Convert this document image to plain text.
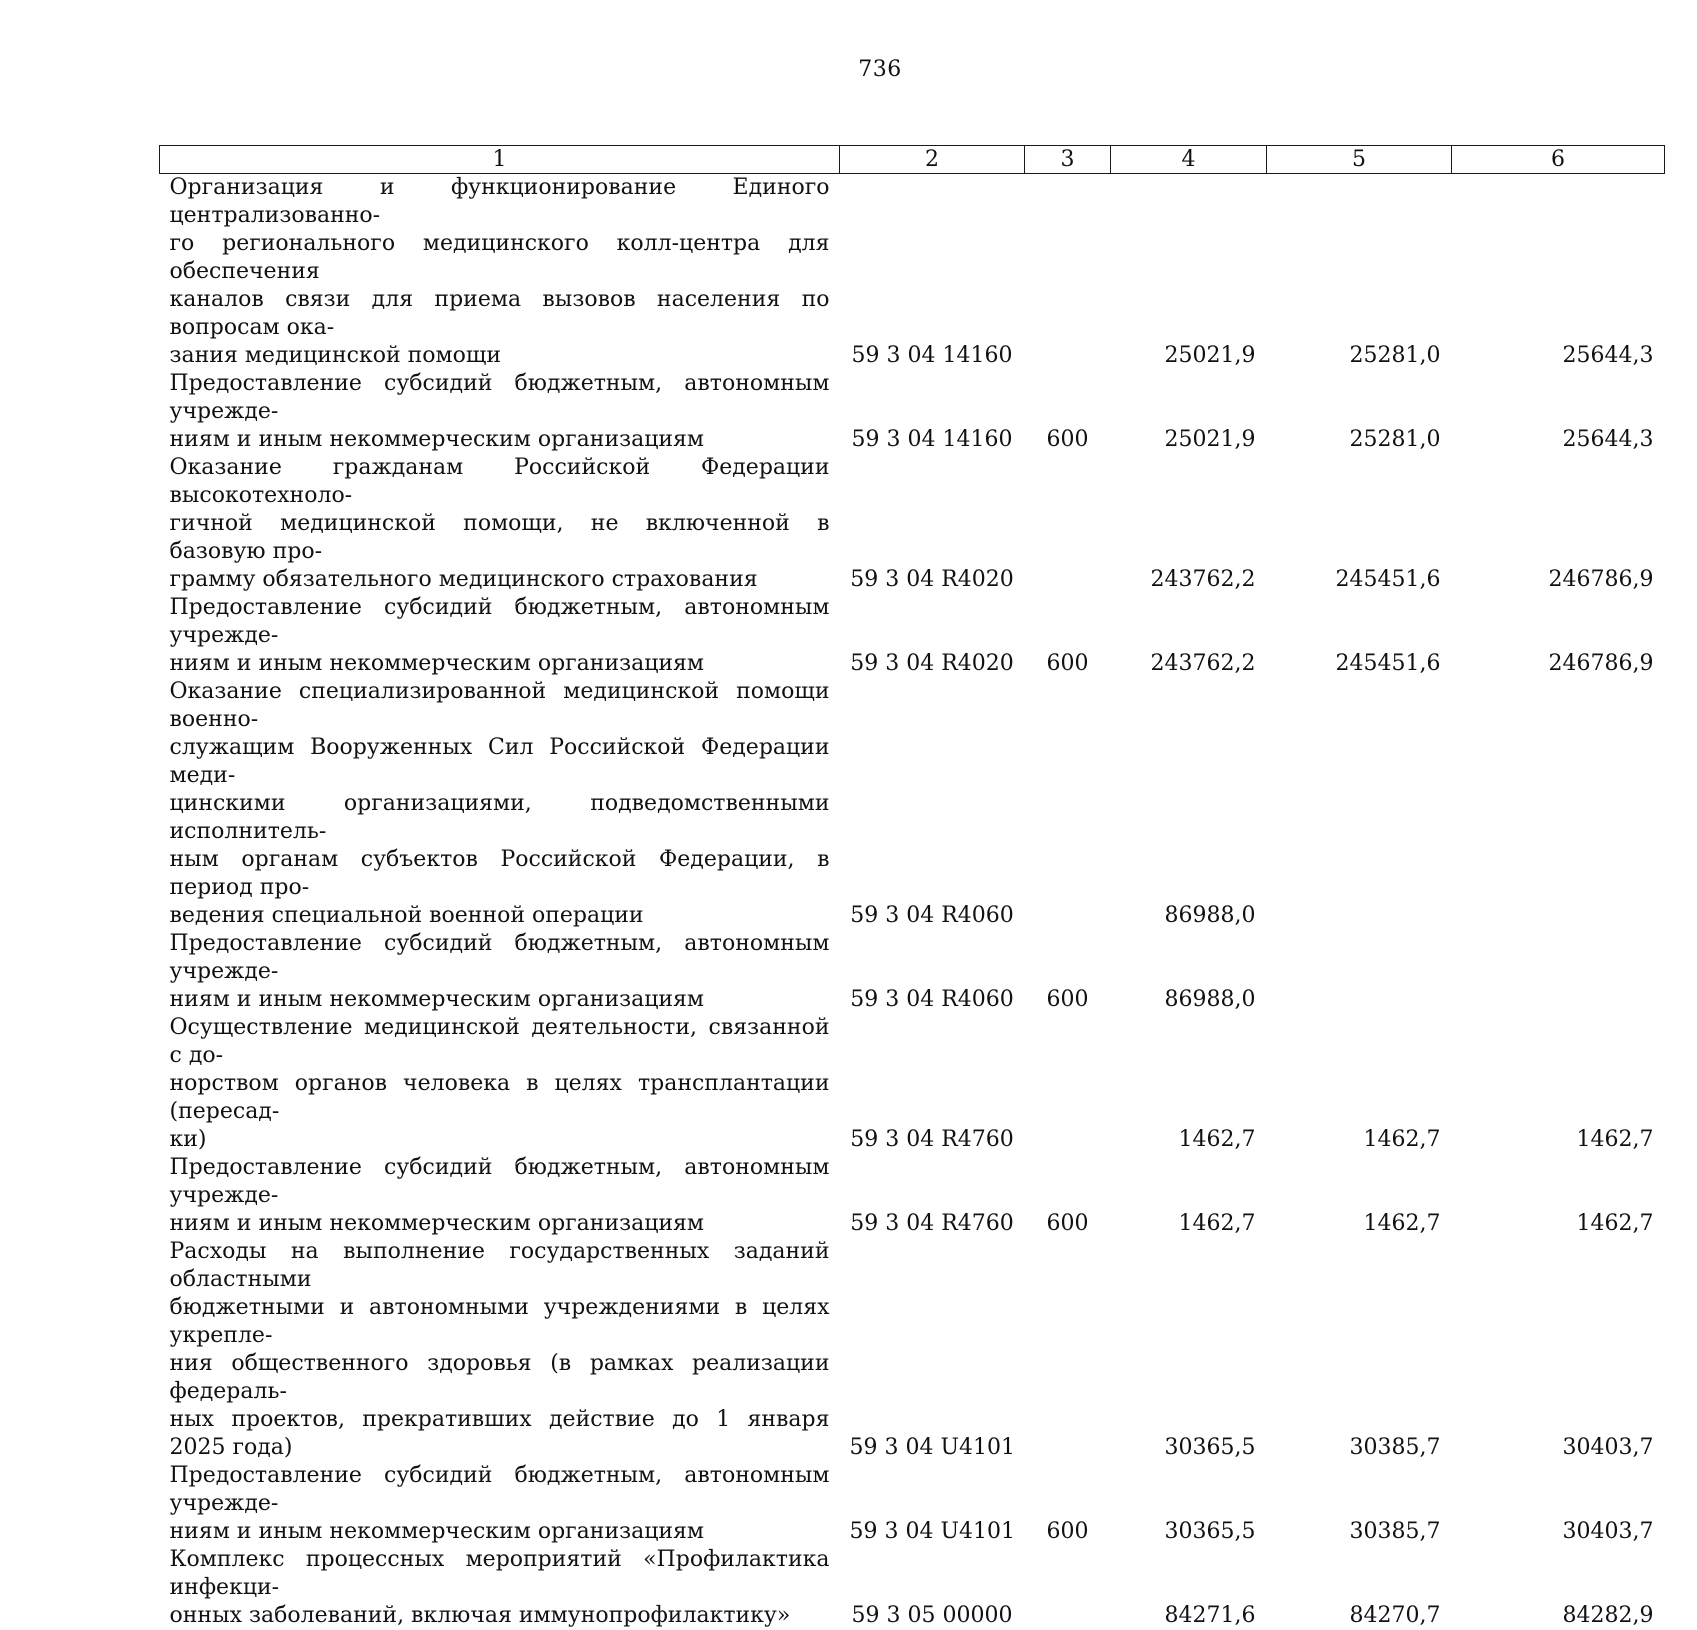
736
1	2	3	4	5	6

Организация и функционирование Единого централизованно-
го регионального медицинского колл-центра для обеспечения
каналов связи для приема вызовов населения по вопросам ока-
зания медицинской помощи	59 3 04 14160		25021,9	25281,0	25644,3

Предоставление субсидий бюджетным, автономным учрежде-
ниям и иным некоммерческим организациям	59 3 04 14160	600	25021,9	25281,0	25644,3

Оказание гражданам Российской Федерации высокотехноло-
гичной медицинской помощи, не включенной в базовую про-
грамму обязательного медицинского страхования	59 3 04 R4020		243762,2	245451,6	246786,9

Предоставление субсидий бюджетным, автономным учрежде-
ниям и иным некоммерческим организациям	59 3 04 R4020	600	243762,2	245451,6	246786,9

Оказание специализированной медицинской помощи военно-
служащим Вооруженных Сил Российской Федерации меди-
цинскими организациями, подведомственными исполнитель-
ным органам субъектов Российской Федерации, в период про-
ведения специальной военной операции	59 3 04 R4060		86988,0		

Предоставление субсидий бюджетным, автономным учрежде-
ниям и иным некоммерческим организациям	59 3 04 R4060	600	86988,0		

Осуществление медицинской деятельности, связанной с до-
норством органов человека в целях трансплантации (пересад-
ки)	59 3 04 R4760		1462,7	1462,7	1462,7

Предоставление субсидий бюджетным, автономным учрежде-
ниям и иным некоммерческим организациям	59 3 04 R4760	600	1462,7	1462,7	1462,7

Расходы на выполнение государственных заданий областными
бюджетными и автономными учреждениями в целях укрепле-
ния общественного здоровья (в рамках реализации федераль-
ных проектов, прекративших действие до 1 января 2025 года)	59 3 04 U4101		30365,5	30385,7	30403,7

Предоставление субсидий бюджетным, автономным учрежде-
ниям и иным некоммерческим организациям	59 3 04 U4101	600	30365,5	30385,7	30403,7

Комплекс процессных мероприятий «Профилактика инфекци-
онных заболеваний, включая иммунопрофилактику»	59 3 05 00000		84271,6	84270,7	84282,9
